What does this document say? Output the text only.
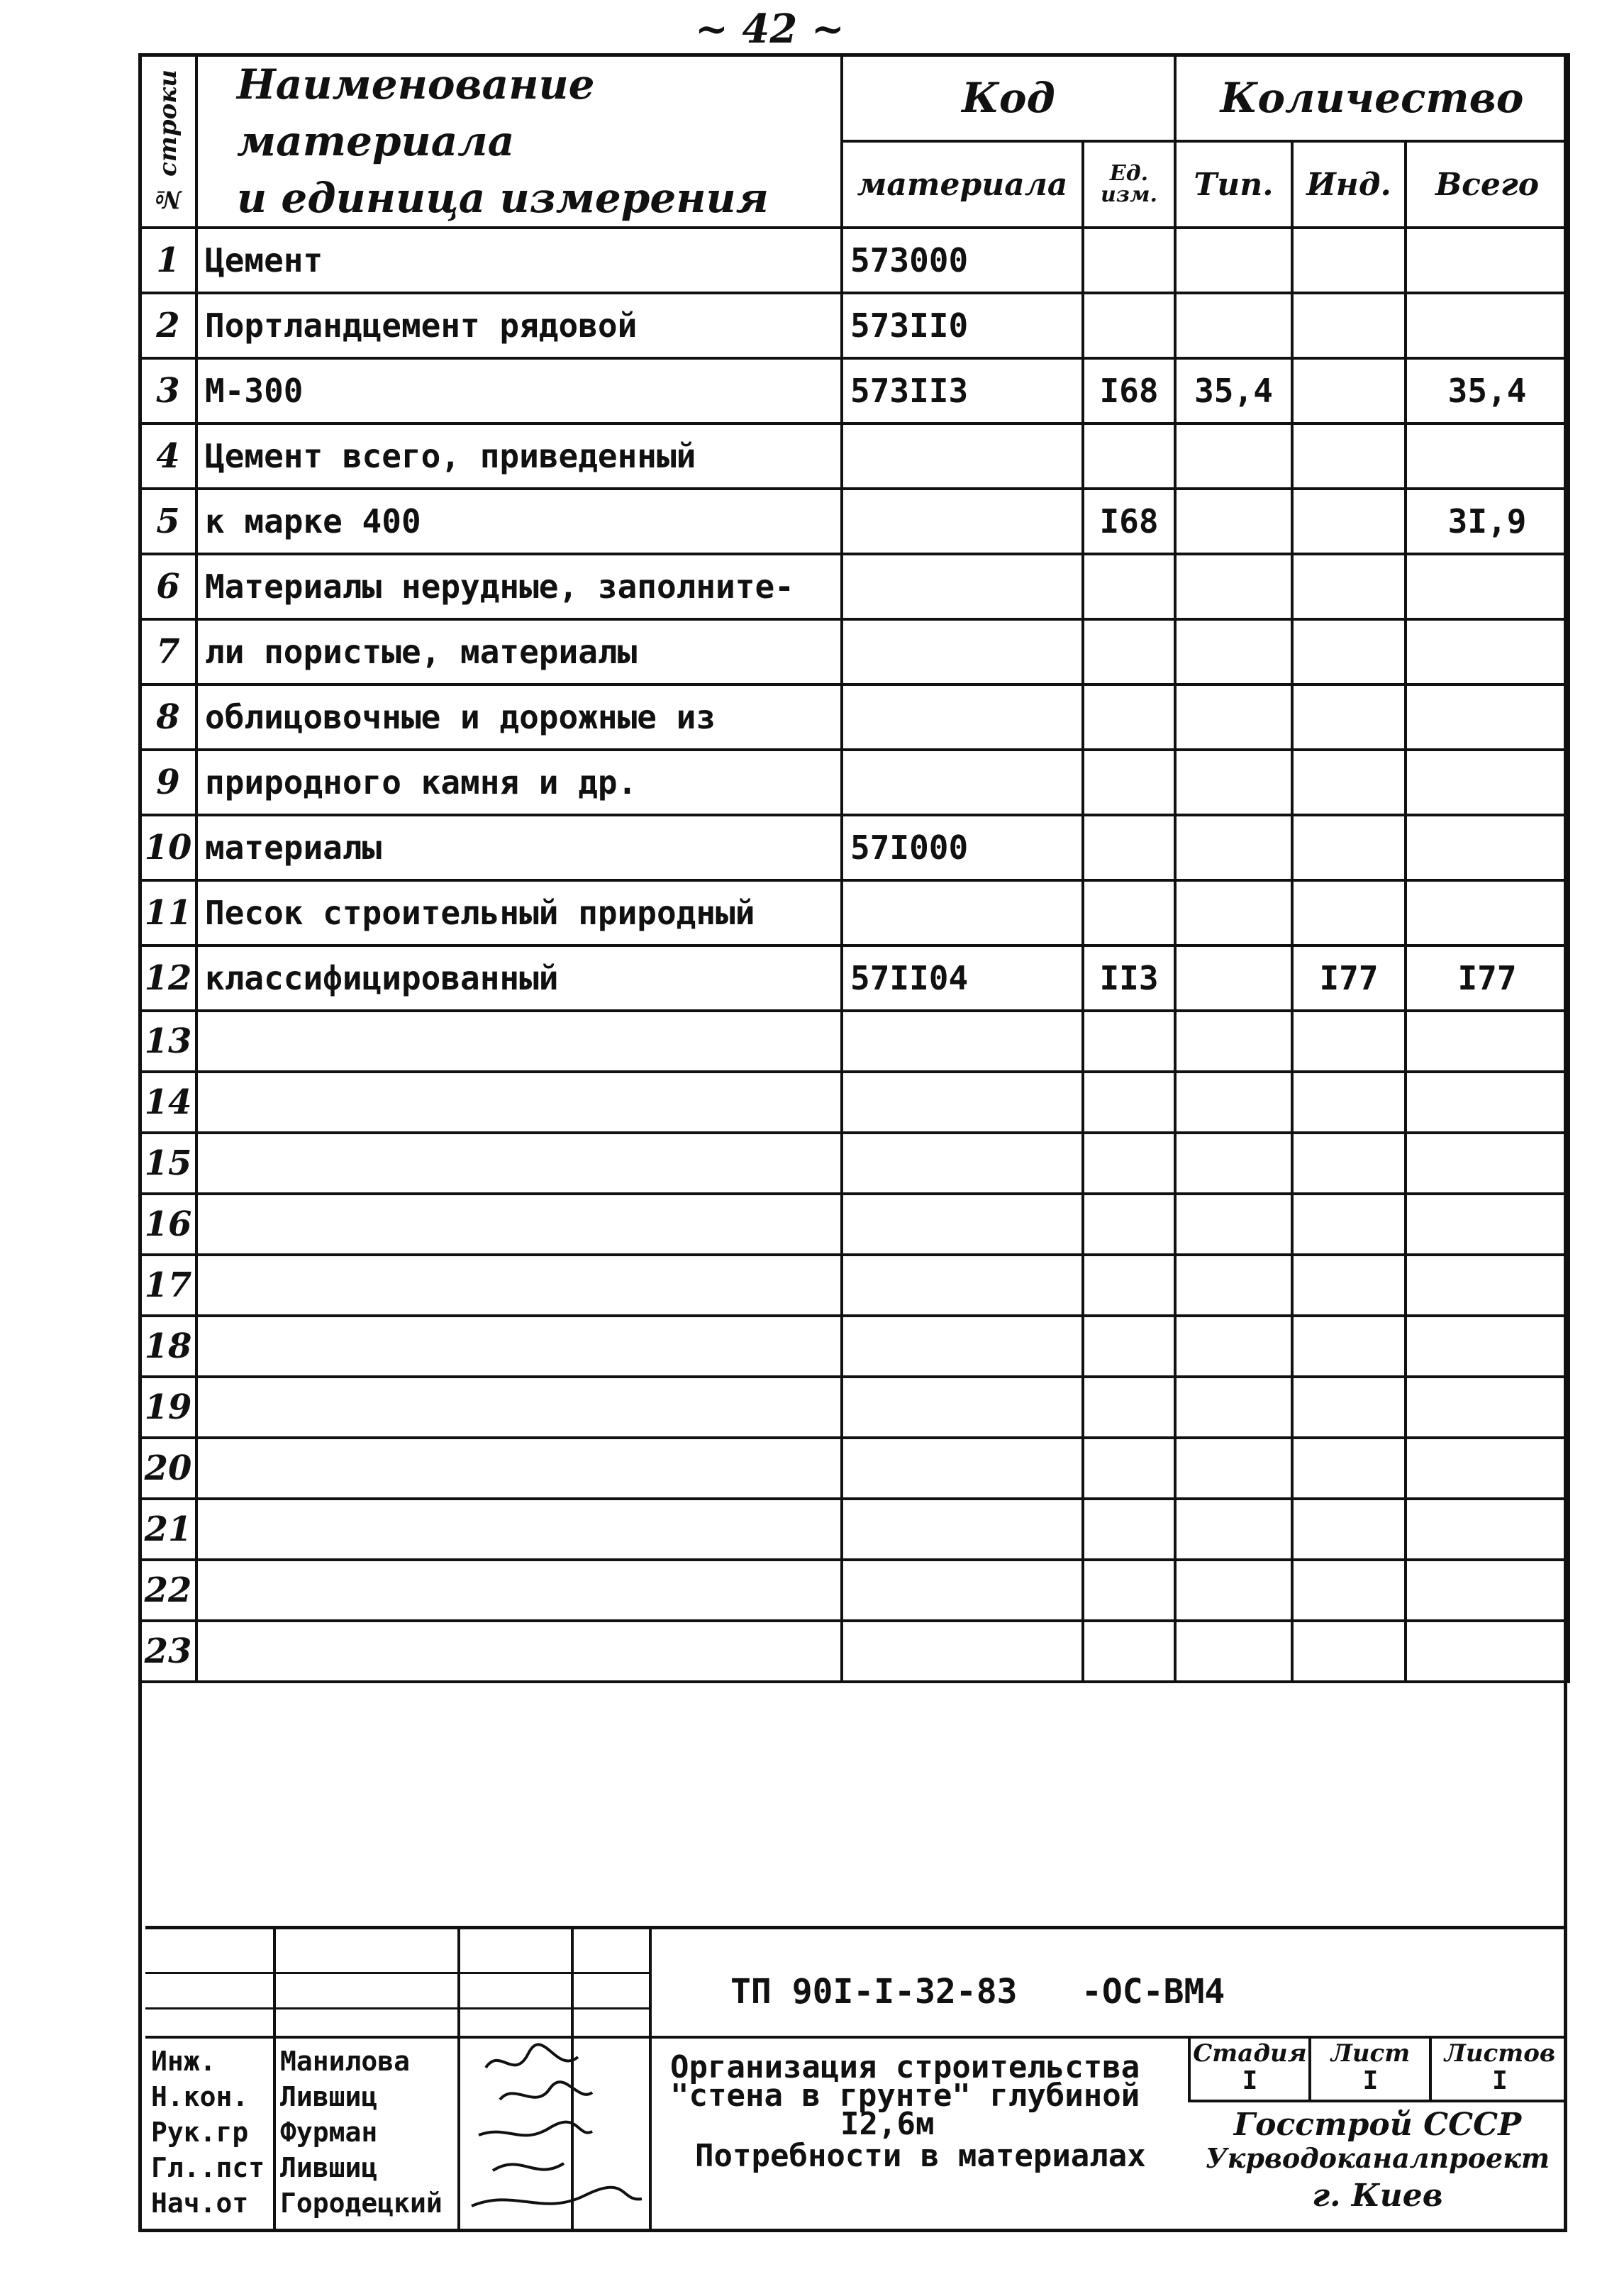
~ 42 ~
№ строки	Наименование материала
и единица измерения	Код		Количество		
		материала	Ед. изм.	Тип.	Инд.	Всего
1	Цемент	573000				
2	Портландцемент рядовой	573II0				
3	М-300	573II3	I68	35,4		35,4
4	Цемент всего, приведенный					
5	к марке 400		I68			3I,9
6	Материалы нерудные, заполните-					
7	ли пористые, материалы					
8	облицовочные и дорожные из					
9	природного камня и др.					
10	материалы	57I000				
11	Песок строительный природный					
12	классифицированный	57II04	II3		I77	I77
13						
14						
15						
16						
17						
18						
19						
20						
21						
22						
23						
ТП 90I-I-32-83 -ОС-ВМ4
Инж. Манилова
Н.кон. Лившиц
Рук.гр Фурман
Гл..пст Лившиц
Нач.от Городецкий
Организация строительства
"стена в грунте" глубиной
I2,6м
Потребности в материалах
Стадия	Лист	Листов
I	I	I
Госстрой СССР
Укрводоканалпроект
г. Киев
